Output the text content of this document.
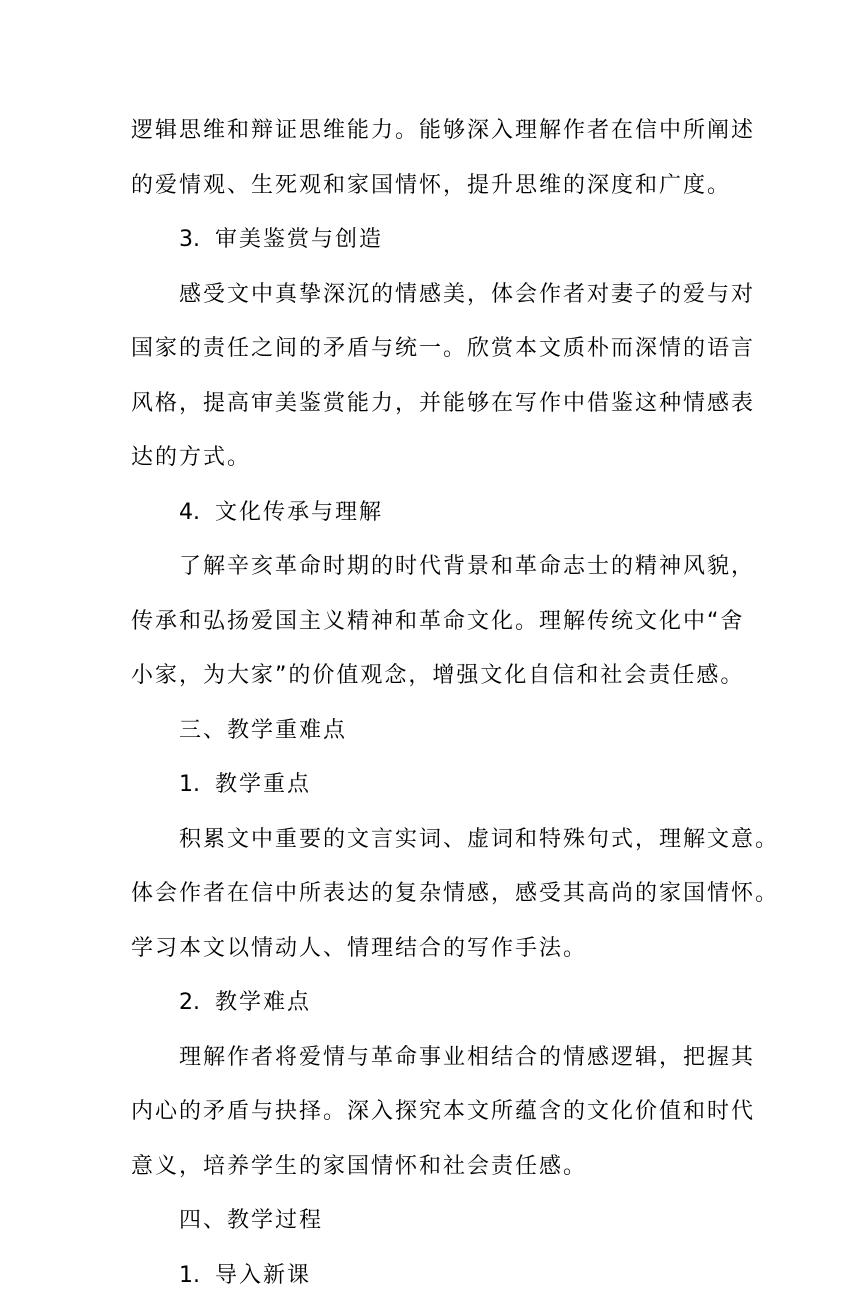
逻辑思维和辩证思维能力。能够深入理解作者在信中所阐述
的爱情观、生死观和家国情怀，提升思维的深度和广度。
3. 审美鉴赏与创造
感受文中真挚深沉的情感美，体会作者对妻子的爱与对
国家的责任之间的矛盾与统一。欣赏本文质朴而深情的语言
风格，提高审美鉴赏能力，并能够在写作中借鉴这种情感表
达的方式。
4. 文化传承与理解
了解辛亥革命时期的时代背景和革命志士的精神风貌，
传承和弘扬爱国主义精神和革命文化。理解传统文化中“舍
小家，为大家”的价值观念，增强文化自信和社会责任感。
三、教学重难点
1. 教学重点
积累文中重要的文言实词、虚词和特殊句式，理解文意。
体会作者在信中所表达的复杂情感，感受其高尚的家国情怀。
学习本文以情动人、情理结合的写作手法。
2. 教学难点
理解作者将爱情与革命事业相结合的情感逻辑，把握其
内心的矛盾与抉择。深入探究本文所蕴含的文化价值和时代
意义，培养学生的家国情怀和社会责任感。
四、教学过程
1. 导入新课
